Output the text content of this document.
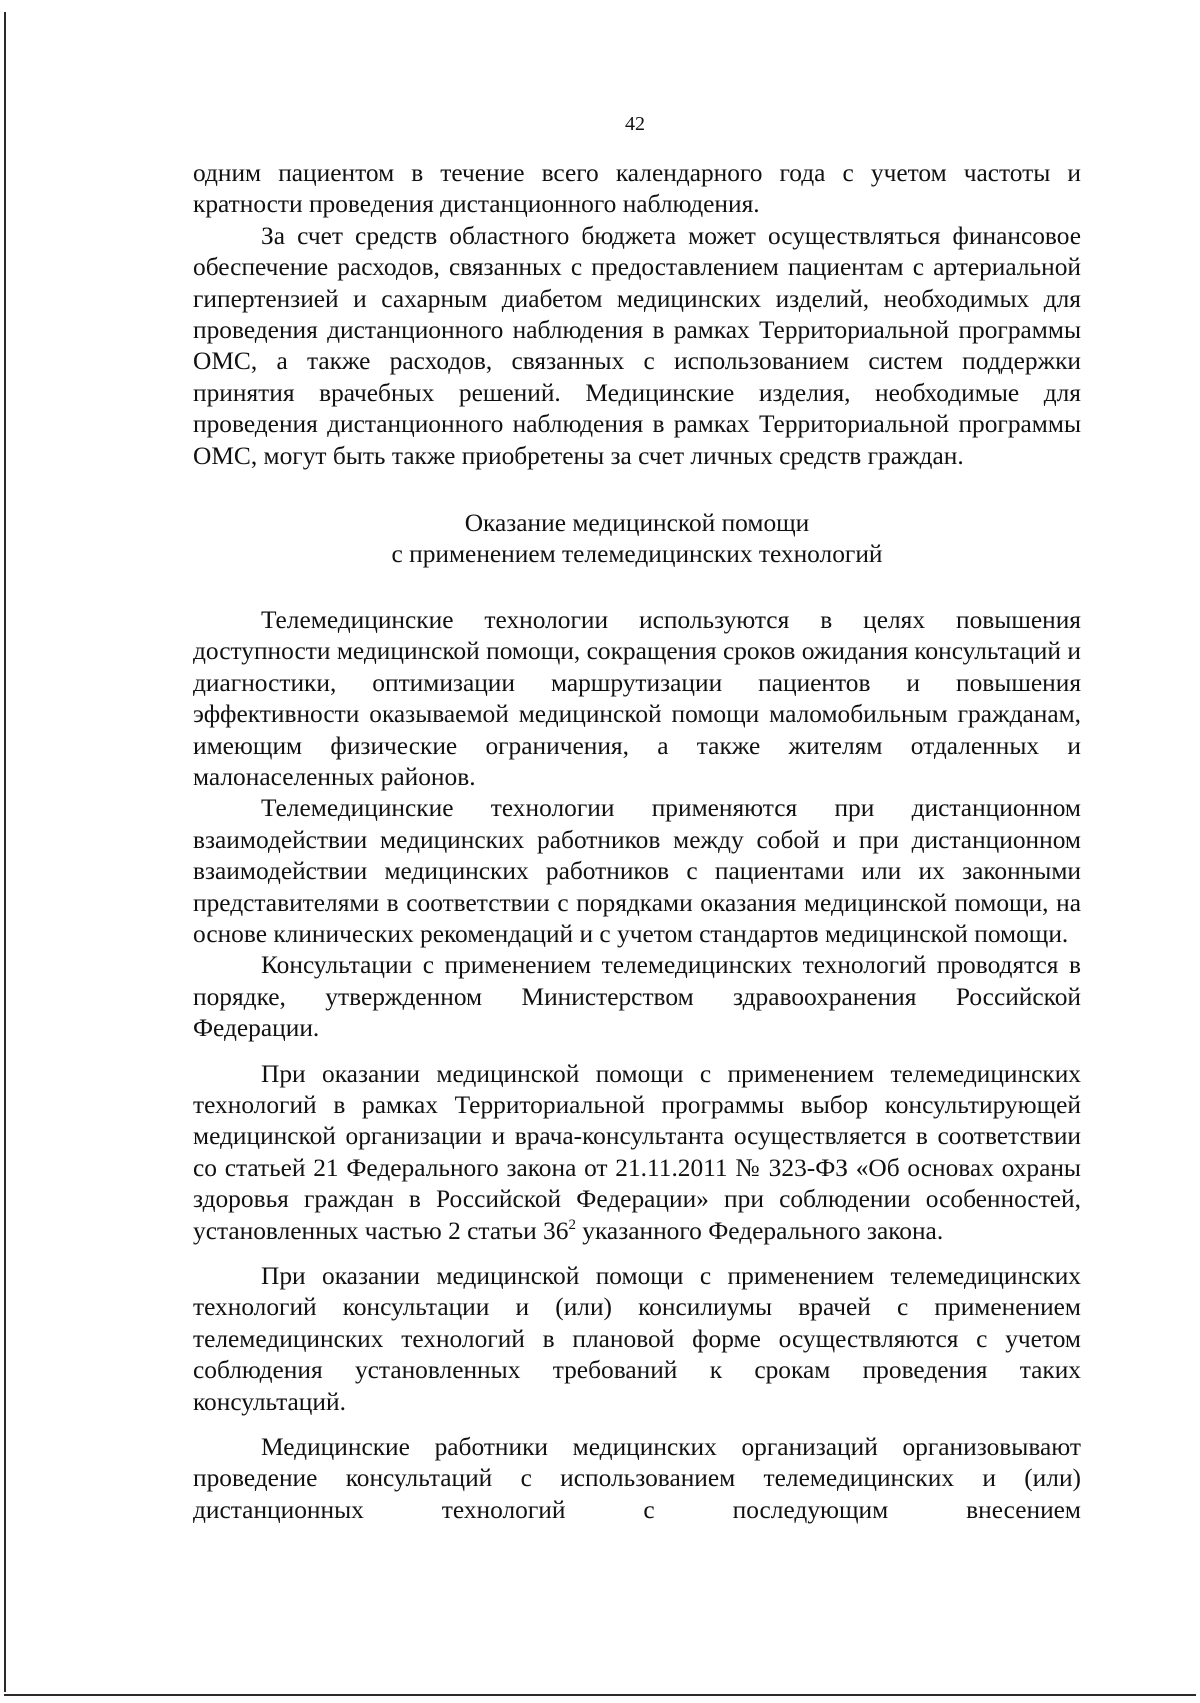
42

одним пациентом в течение всего календарного года с учетом частоты и кратности проведения дистанционного наблюдения.

За счет средств областного бюджета может осуществляться финансовое обеспечение расходов, связанных с предоставлением пациентам с артериальной гипертензией и сахарным диабетом медицинских изделий, необходимых для проведения дистанционного наблюдения в рамках Территориальной программы ОМС, а также расходов, связанных с использованием систем поддержки принятия врачебных решений. Медицинские изделия, необходимые для проведения дистанционного наблюдения в рамках Территориальной программы ОМС, могут быть также приобретены за счет личных средств граждан.

Оказание медицинской помощи

с применением телемедицинских технологий

Телемедицинские технологии используются в целях повышения доступности медицинской помощи, сокращения сроков ожидания консультаций и диагностики, оптимизации маршрутизации пациентов и повышения эффективности оказываемой медицинской помощи маломобильным гражданам, имеющим физические ограничения, а также жителям отдаленных и малонаселенных районов.

Телемедицинские технологии применяются при дистанционном взаимодействии медицинских работников между собой и при дистанционном взаимодействии медицинских работников с пациентами или их законными представителями в соответствии с порядками оказания медицинской помощи, на основе клинических рекомендаций и с учетом стандартов медицинской помощи.

Консультации с применением телемедицинских технологий проводятся в порядке, утвержденном Министерством здравоохранения Российской Федерации.

При оказании медицинской помощи с применением телемедицинских технологий в рамках Территориальной программы выбор консультирующей медицинской организации и врача-консультанта осуществляется в соответствии со статьей 21 Федерального закона от 21.11.2011 № 323-ФЗ «Об основах охраны здоровья граждан в Российской Федерации» при соблюдении особенностей, установленных частью 2 статьи $36^2$ указанного Федерального закона.

При оказании медицинской помощи с применением телемедицинских технологий консультации и (или) консилиумы врачей с применением телемедицинских технологий в плановой форме осуществляются с учетом соблюдения установленных требований к срокам проведения таких консультаций.

Медицинские работники медицинских организаций организовывают проведение консультаций с использованием телемедицинских и (или) дистанционных технологий с последующим внесением
